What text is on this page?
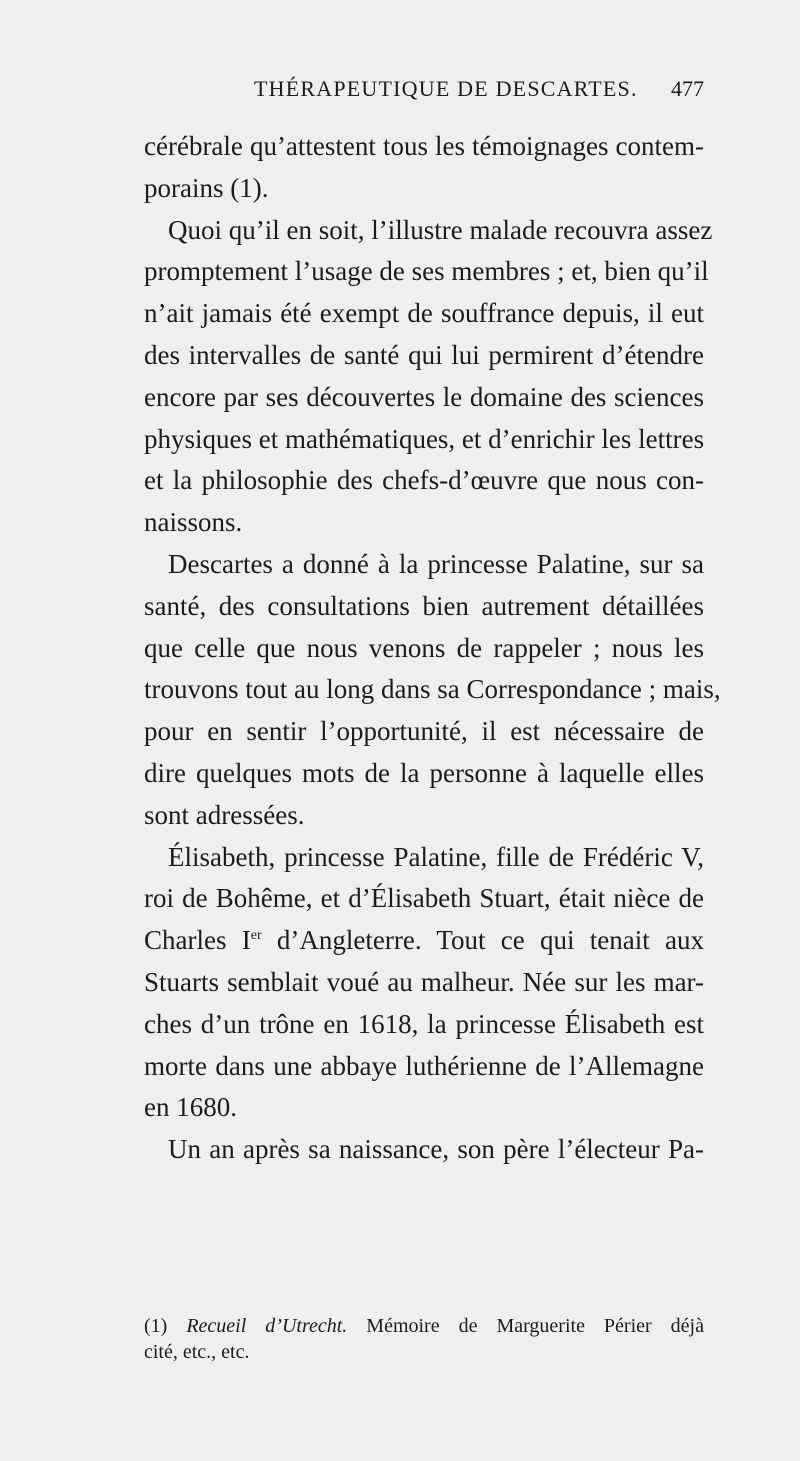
THÉRAPEUTIQUE DE DESCARTES. 477
cérébrale qu’attestent tous les témoignages contem-
porains (1).
Quoi qu’il en soit, l’illustre malade recouvra assez
promptement l’usage de ses membres ; et, bien qu’il
n’ait jamais été exempt de souffrance depuis, il eut
des intervalles de santé qui lui permirent d’étendre
encore par ses découvertes le domaine des sciences
physiques et mathématiques, et d’enrichir les lettres
et la philosophie des chefs-d’œuvre que nous con-
naissons.
Descartes a donné à la princesse Palatine, sur sa
santé, des consultations bien autrement détaillées
que celle que nous venons de rappeler ; nous les
trouvons tout au long dans sa Correspondance ; mais,
pour en sentir l’opportunité, il est nécessaire de
dire quelques mots de la personne à laquelle elles
sont adressées.
Élisabeth, princesse Palatine, fille de Frédéric V,
roi de Bohême, et d’Élisabeth Stuart, était nièce de
Charles Ier d’Angleterre. Tout ce qui tenait aux
Stuarts semblait voué au malheur. Née sur les mar-
ches d’un trône en 1618, la princesse Élisabeth est
morte dans une abbaye luthérienne de l’Allemagne
en 1680.
Un an après sa naissance, son père l’électeur Pa-
(1) Recueil d’Utrecht. Mémoire de Marguerite Périer déjà
cité, etc., etc.
